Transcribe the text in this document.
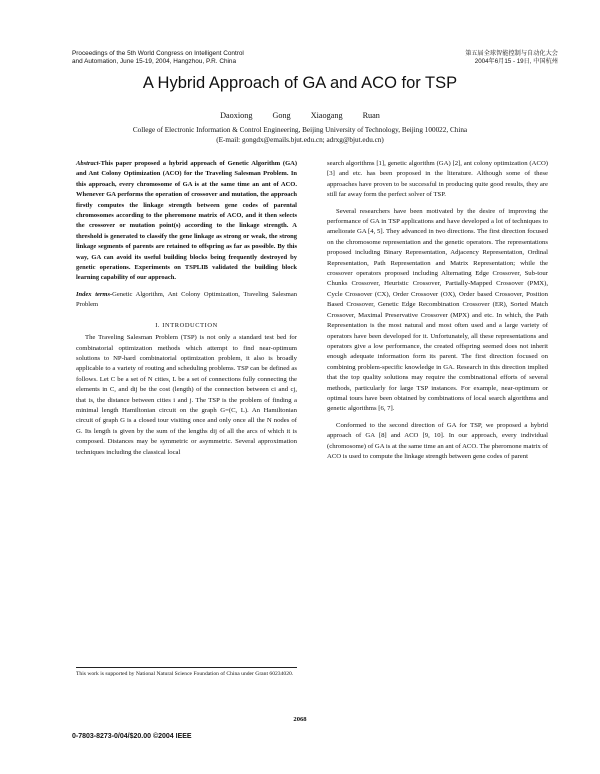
Proceedings of the 5th World Congress on Intelligent Control
and Automation, June 15-19, 2004, Hangzhou, P.R. China
第五届全球智能控制与自动化大会
2004年6月15 - 19日, 中国杭州
A Hybrid Approach of GA and ACO for TSP
Daoxiong Gong Xiaogang Ruan
College of Electronic Information & Control Engineering, Beijing University of Technology, Beijing 100022, China
(E-mail: gongdx@emails.bjut.edu.cn; adrxg@bjut.edu.cn)
Abstract-This paper proposed a hybrid approach of Genetic Algorithm (GA) and Ant Colony Optimization (ACO) for the Traveling Salesman Problem. In this approach, every chromosome of GA is at the same time an ant of ACO. Whenever GA performs the operation of crossover and mutation, the approach firstly computes the linkage strength between gene codes of parental chromosomes according to the pheromone matrix of ACO, and it then selects the crossover or mutation point(s) according to the linkage strength. A threshold is generated to classify the gene linkage as strong or weak, the strong linkage segments of parents are retained to offspring as far as possible. By this way, GA can avoid its useful building blocks being frequently destroyed by genetic operations. Experiments on TSPLIB validated the building block learning capability of our approach.
Index terms-Genetic Algorithm, Ant Colony Optimization, Traveling Salesman Problem
I. INTRODUCTION

The Traveling Salesman Problem (TSP) is not only a standard test bed for combinatorial optimization methods which attempt to find near-optimum solutions to NP-hard combinatorial optimization problem, it also is broadly applicable to a variety of routing and scheduling problems. TSP can be defined as follows. Let C be a set of N cities, L be a set of connections fully connecting the elements in C, and dij be the cost (length) of the connection between ci and cj, that is, the distance between cities i and j. The TSP is the problem of finding a minimal length Hamiltonian circuit on the graph G=(C, L). An Hamiltonian circuit of graph G is a closed tour visiting once and only once all the N nodes of G. Its length is given by the sum of the lengths dij of all the arcs of which it is composed. Distances may be symmetric or asymmetric. Several approximation techniques including the classical local

This work is supported by National Natural Science Foundation of China under Grant 60234020.

search algorithms [1], genetic algorithm (GA) [2], ant colony optimization (ACO) [3] and etc. has been proposed in the literature. Although some of these approaches have proven to be successful in producing quite good results, they are still far away form the perfect solver of TSP.

Several researchers have been motivated by the desire of improving the performance of GA in TSP applications and have developed a lot of techniques to ameliorate GA [4, 5]. They advanced in two directions. The first direction focused on the chromosome representation and the genetic operators. The representations proposed including Binary Representation, Adjacency Representation, Ordinal Representation, Path Representation and Matrix Representation; while the crossover operators proposed including Alternating Edge Crossover, Sub-tour Chunks Crossover, Heuristic Crossover, Partially-Mapped Crossover (PMX), Cycle Crossover (CX), Order Crossover (OX), Order based Crossover, Position Based Crossover, Genetic Edge Recombination Crossover (ER), Sorted Match Crossover, Maximal Preservative Crossover (MPX) and etc. In which, the Path Representation is the most natural and most often used and a large variety of operators have been developed for it. Unfortunately, all these representations and operators give a low performance, the created offspring seemed does not inherit enough adequate information form its parent. The first direction focused on combining problem-specific knowledge in GA. Research in this direction implied that the top quality solutions may require the combinational efforts of several methods, particularly for large TSP instances. For example, near-optimum or optimal tours have been obtained by combinations of local search algorithms and genetic algorithms [6, 7].

Conformed to the second direction of GA for TSP, we proposed a hybrid approach of GA [8] and ACO [9, 10]. In our approach, every individual (chromosome) of GA is at the same time an ant of ACO. The pheromone matrix of ACO is used to compute the linkage strength between gene codes of parent

2068
0-7803-8273-0/04/$20.00 ©2004 IEEE
